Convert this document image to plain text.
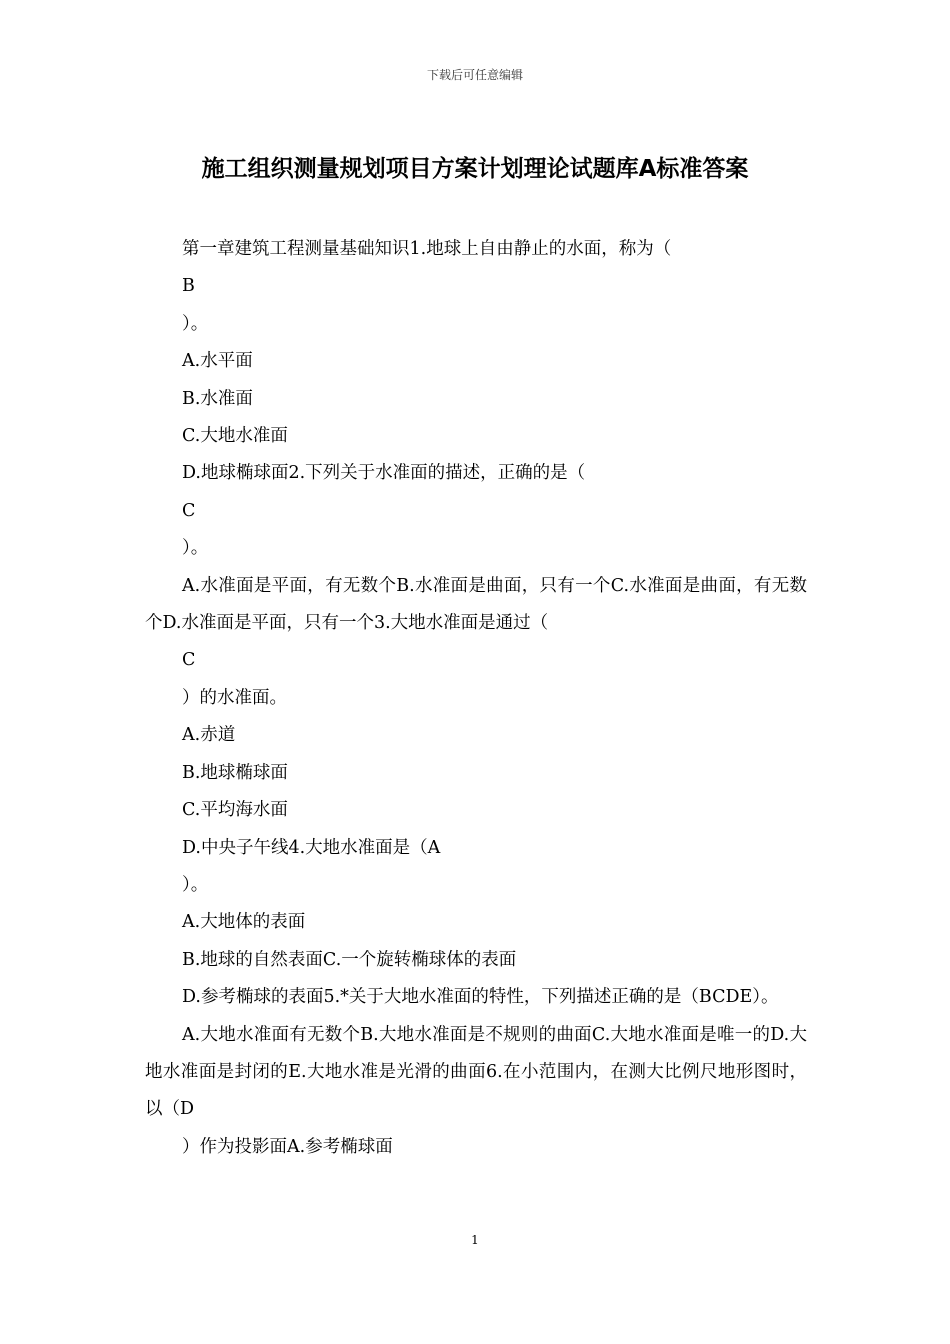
下载后可任意编辑
施工组织测量规划项目方案计划理论试题库A标准答案

第一章建筑工程测量基础知识1.地球上自由静止的水面，称为（

B

）。

A.水平面

B.水准面

C.大地水准面

D.地球椭球面2.下列关于水准面的描述，正确的是（

C

）。

A.水准面是平面，有无数个B.水准面是曲面，只有一个C.水准面是曲面，有无数个D.水准面是平面，只有一个3.大地水准面是通过（

C

）的水准面。

A.赤道

B.地球椭球面

C.平均海水面

D.中央子午线4.大地水准面是（A

）。

A.大地体的表面

B.地球的自然表面C.一个旋转椭球体的表面

D.参考椭球的表面5.*关于大地水准面的特性，下列描述正确的是（BCDE）。

A.大地水准面有无数个B.大地水准面是不规则的曲面C.大地水准面是唯一的D.大地水准面是封闭的E.大地水准是光滑的曲面6.在小范围内，在测大比例尺地形图时，以（D

）作为投影面A.参考椭球面

1
